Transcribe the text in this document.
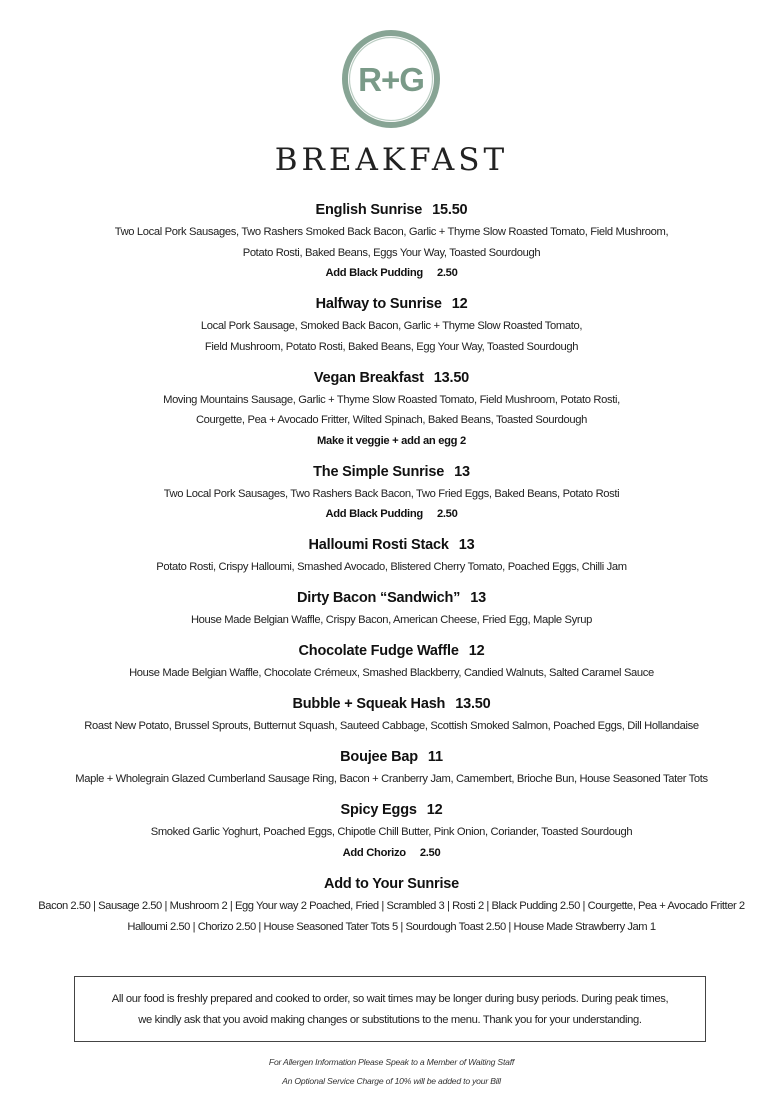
R+G
BREAKFAST
English Sunrise 15.50
Two Local Pork Sausages, Two Rashers Smoked Back Bacon, Garlic + Thyme Slow Roasted Tomato, Field Mushroom,
Potato Rosti, Baked Beans, Eggs Your Way, Toasted Sourdough
Add Black Pudding 2.50
Halfway to Sunrise 12
Local Pork Sausage, Smoked Back Bacon, Garlic + Thyme Slow Roasted Tomato,
Field Mushroom, Potato Rosti, Baked Beans, Egg Your Way, Toasted Sourdough
Vegan Breakfast 13.50
Moving Mountains Sausage, Garlic + Thyme Slow Roasted Tomato, Field Mushroom, Potato Rosti,
Courgette, Pea + Avocado Fritter, Wilted Spinach, Baked Beans, Toasted Sourdough
Make it veggie + add an egg 2
The Simple Sunrise 13
Two Local Pork Sausages, Two Rashers Back Bacon, Two Fried Eggs, Baked Beans, Potato Rosti
Add Black Pudding 2.50
Halloumi Rosti Stack 13
Potato Rosti, Crispy Halloumi, Smashed Avocado, Blistered Cherry Tomato, Poached Eggs, Chilli Jam
Dirty Bacon “Sandwich” 13
House Made Belgian Waffle, Crispy Bacon, American Cheese, Fried Egg, Maple Syrup
Chocolate Fudge Waffle 12
House Made Belgian Waffle, Chocolate Crémeux, Smashed Blackberry, Candied Walnuts, Salted Caramel Sauce
Bubble + Squeak Hash 13.50
Roast New Potato, Brussel Sprouts, Butternut Squash, Sauteed Cabbage, Scottish Smoked Salmon, Poached Eggs, Dill Hollandaise
Boujee Bap 11
Maple + Wholegrain Glazed Cumberland Sausage Ring, Bacon + Cranberry Jam, Camembert, Brioche Bun, House Seasoned Tater Tots
Spicy Eggs 12
Smoked Garlic Yoghurt, Poached Eggs, Chipotle Chill Butter, Pink Onion, Coriander, Toasted Sourdough
Add Chorizo 2.50
Add to Your Sunrise
Bacon 2.50 | Sausage 2.50 | Mushroom 2 | Egg Your way 2 Poached, Fried | Scrambled 3 | Rosti 2 | Black Pudding 2.50 | Courgette, Pea + Avocado Fritter 2
Halloumi 2.50 | Chorizo 2.50 | House Seasoned Tater Tots 5 | Sourdough Toast 2.50 | House Made Strawberry Jam 1
All our food is freshly prepared and cooked to order, so wait times may be longer during busy periods. During peak times,
we kindly ask that you avoid making changes or substitutions to the menu. Thank you for your understanding.
For Allergen Information Please Speak to a Member of Waiting Staff
An Optional Service Charge of 10% will be added to your Bill
